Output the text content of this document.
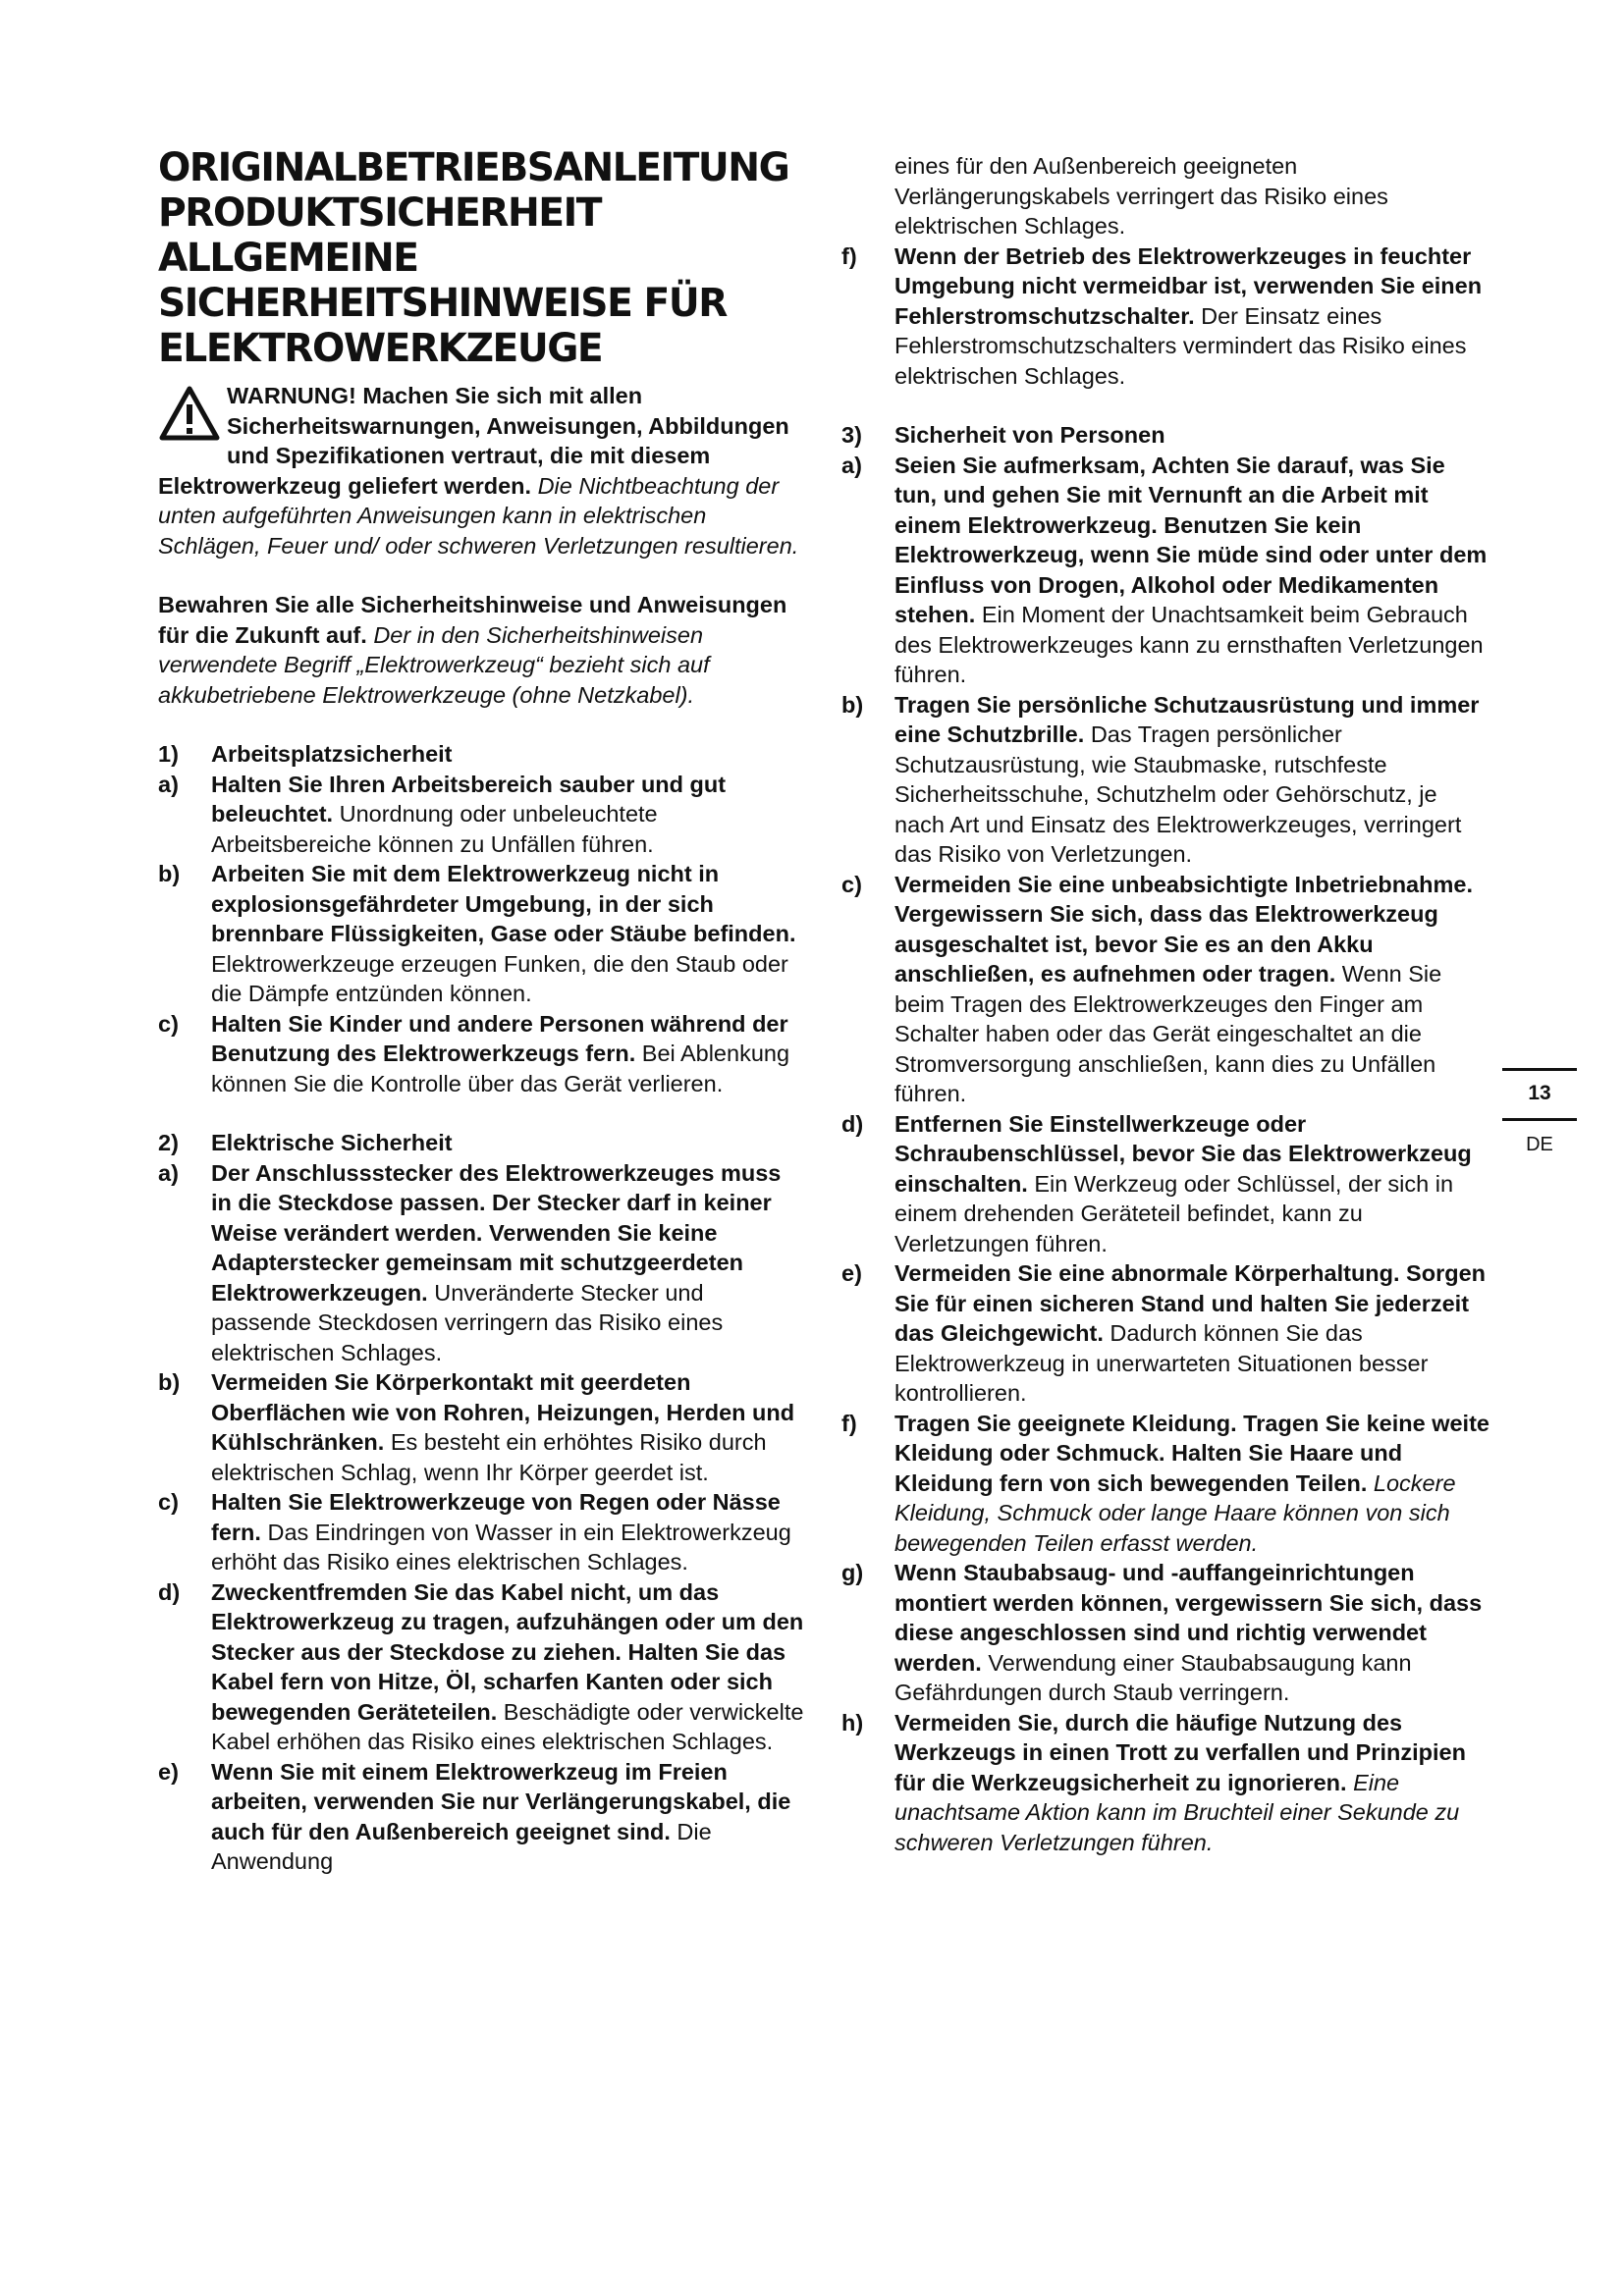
ORIGINALBETRIEBSANLEITUNG
PRODUKTSICHERHEIT
ALLGEMEINE
SICHERHEITSHINWEISE FÜR
ELEKTROWERKZEUGE
WARNUNG! Machen Sie sich mit allen Sicherheitswarnungen, Anweisungen, Abbildungen und Spezifikationen vertraut, die mit diesem Elektrowerkzeug geliefert werden. Die Nichtbeachtung der unten aufgeführten Anweisungen kann in elektrischen Schlägen, Feuer und/ oder schweren Verletzungen resultieren.
Bewahren Sie alle Sicherheitshinweise und Anweisungen für die Zukunft auf. Der in den Sicherheitshinweisen verwendete Begriff „Elektrowerkzeug“ bezieht sich auf akkubetriebene Elektrowerkzeuge (ohne Netzkabel).
1) Arbeitsplatzsicherheit
a) Halten Sie Ihren Arbeitsbereich sauber und gut beleuchtet. Unordnung oder unbeleuchtete Arbeitsbereiche können zu Unfällen führen.
b) Arbeiten Sie mit dem Elektrowerkzeug nicht in explosionsgefährdeter Umgebung, in der sich brennbare Flüssigkeiten, Gase oder Stäube befinden. Elektrowerkzeuge erzeugen Funken, die den Staub oder die Dämpfe entzünden können.
c) Halten Sie Kinder und andere Personen während der Benutzung des Elektrowerkzeugs fern. Bei Ablenkung können Sie die Kontrolle über das Gerät verlieren.
2) Elektrische Sicherheit
a) Der Anschlussstecker des Elektrowerkzeuges muss in die Steckdose passen. Der Stecker darf in keiner Weise verändert werden. Verwenden Sie keine Adapterstecker gemeinsam mit schutzgeerdeten Elektrowerkzeugen. Unveränderte Stecker und passende Steckdosen verringern das Risiko eines elektrischen Schlages.
b) Vermeiden Sie Körperkontakt mit geerdeten Oberflächen wie von Rohren, Heizungen, Herden und Kühlschränken. Es besteht ein erhöhtes Risiko durch elektrischen Schlag, wenn Ihr Körper geerdet ist.
c) Halten Sie Elektrowerkzeuge von Regen oder Nässe fern. Das Eindringen von Wasser in ein Elektrowerkzeug erhöht das Risiko eines elektrischen Schlages.
d) Zweckentfremden Sie das Kabel nicht, um das Elektrowerkzeug zu tragen, aufzuhängen oder um den Stecker aus der Steckdose zu ziehen. Halten Sie das Kabel fern von Hitze, Öl, scharfen Kanten oder sich bewegenden Geräteteilen. Beschädigte oder verwickelte Kabel erhöhen das Risiko eines elektrischen Schlages.
e) Wenn Sie mit einem Elektrowerkzeug im Freien arbeiten, verwenden Sie nur Verlängerungskabel, die auch für den Außenbereich geeignet sind. Die Anwendung
eines für den Außenbereich geeigneten Verlängerungskabels verringert das Risiko eines elektrischen Schlages.
f) Wenn der Betrieb des Elektrowerkzeuges in feuchter Umgebung nicht vermeidbar ist, verwenden Sie einen Fehlerstromschutzschalter. Der Einsatz eines Fehlerstromschutzschalters vermindert das Risiko eines elektrischen Schlages.
3) Sicherheit von Personen
a) Seien Sie aufmerksam, Achten Sie darauf, was Sie tun, und gehen Sie mit Vernunft an die Arbeit mit einem Elektrowerkzeug. Benutzen Sie kein Elektrowerkzeug, wenn Sie müde sind oder unter dem Einfluss von Drogen, Alkohol oder Medikamenten stehen. Ein Moment der Unachtsamkeit beim Gebrauch des Elektrowerkzeuges kann zu ernsthaften Verletzungen führen.
b) Tragen Sie persönliche Schutzausrüstung und immer eine Schutzbrille. Das Tragen persönlicher Schutzausrüstung, wie Staubmaske, rutschfeste Sicherheitsschuhe, Schutzhelm oder Gehörschutz, je nach Art und Einsatz des Elektrowerkzeuges, verringert das Risiko von Verletzungen.
c) Vermeiden Sie eine unbeabsichtigte Inbetriebnahme. Vergewissern Sie sich, dass das Elektrowerkzeug ausgeschaltet ist, bevor Sie es an den Akku anschließen, es aufnehmen oder tragen. Wenn Sie beim Tragen des Elektrowerkzeuges den Finger am Schalter haben oder das Gerät eingeschaltet an die Stromversorgung anschließen, kann dies zu Unfällen führen.
d) Entfernen Sie Einstellwerkzeuge oder Schraubenschlüssel, bevor Sie das Elektrowerkzeug einschalten. Ein Werkzeug oder Schlüssel, der sich in einem drehenden Geräteteil befindet, kann zu Verletzungen führen.
e) Vermeiden Sie eine abnormale Körperhaltung. Sorgen Sie für einen sicheren Stand und halten Sie jederzeit das Gleichgewicht. Dadurch können Sie das Elektrowerkzeug in unerwarteten Situationen besser kontrollieren.
f) Tragen Sie geeignete Kleidung. Tragen Sie keine weite Kleidung oder Schmuck. Halten Sie Haare und Kleidung fern von sich bewegenden Teilen. Lockere Kleidung, Schmuck oder lange Haare können von sich bewegenden Teilen erfasst werden.
g) Wenn Staubabsaug- und -auffangeinrichtungen montiert werden können, vergewissern Sie sich, dass diese angeschlossen sind und richtig verwendet werden. Verwendung einer Staubabsaugung kann Gefährdungen durch Staub verringern.
h) Vermeiden Sie, durch die häufige Nutzung des Werkzeugs in einen Trott zu verfallen und Prinzipien für die Werkzeugsicherheit zu ignorieren. Eine unachtsame Aktion kann im Bruchteil einer Sekunde zu schweren Verletzungen führen.
13
DE
